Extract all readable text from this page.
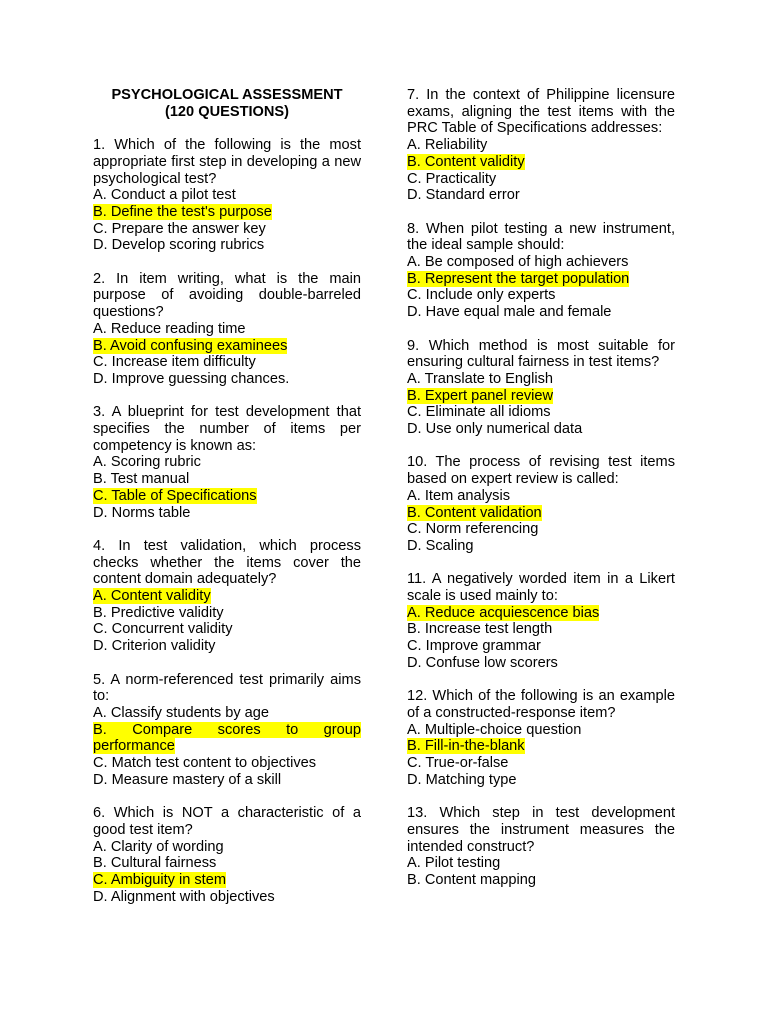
PSYCHOLOGICAL ASSESSMENT

(120 QUESTIONS)

1. Which of the following is the most appropriate first step in developing a new psychological test?

A. Conduct a pilot test

B. Define the test's purpose

C. Prepare the answer key

D. Develop scoring rubrics

2. In item writing, what is the main purpose of avoiding double-barreled questions?

A. Reduce reading time

B. Avoid confusing examinees

C. Increase item difficulty

D. Improve guessing chances.

3. A blueprint for test development that specifies the number of items per competency is known as:

A. Scoring rubric

B. Test manual

C. Table of Specifications

D. Norms table

4. In test validation, which process checks whether the items cover the content domain adequately?

A. Content validity

B. Predictive validity

C. Concurrent validity

D. Criterion validity

5. A norm-referenced test primarily aims to:

A. Classify students by age

B. Compare scores to group performance

C. Match test content to objectives

D. Measure mastery of a skill

6. Which is NOT a characteristic of a good test item?

A. Clarity of wording

B. Cultural fairness

C. Ambiguity in stem

D. Alignment with objectives

7. In the context of Philippine licensure exams, aligning the test items with the PRC Table of Specifications addresses:

A. Reliability

B. Content validity

C. Practicality

D. Standard error

8. When pilot testing a new instrument, the ideal sample should:

A. Be composed of high achievers

B. Represent the target population

C. Include only experts

D. Have equal male and female

9. Which method is most suitable for ensuring cultural fairness in test items?

A. Translate to English

B. Expert panel review

C. Eliminate all idioms

D. Use only numerical data

10. The process of revising test items based on expert review is called:

A. Item analysis

B. Content validation

C. Norm referencing

D. Scaling

11. A negatively worded item in a Likert scale is used mainly to:

A. Reduce acquiescence bias

B. Increase test length

C. Improve grammar

D. Confuse low scorers

12. Which of the following is an example of a constructed-response item?

A. Multiple-choice question

B. Fill-in-the-blank

C. True-or-false

D. Matching type

13. Which step in test development ensures the instrument measures the intended construct?

A. Pilot testing

B. Content mapping
